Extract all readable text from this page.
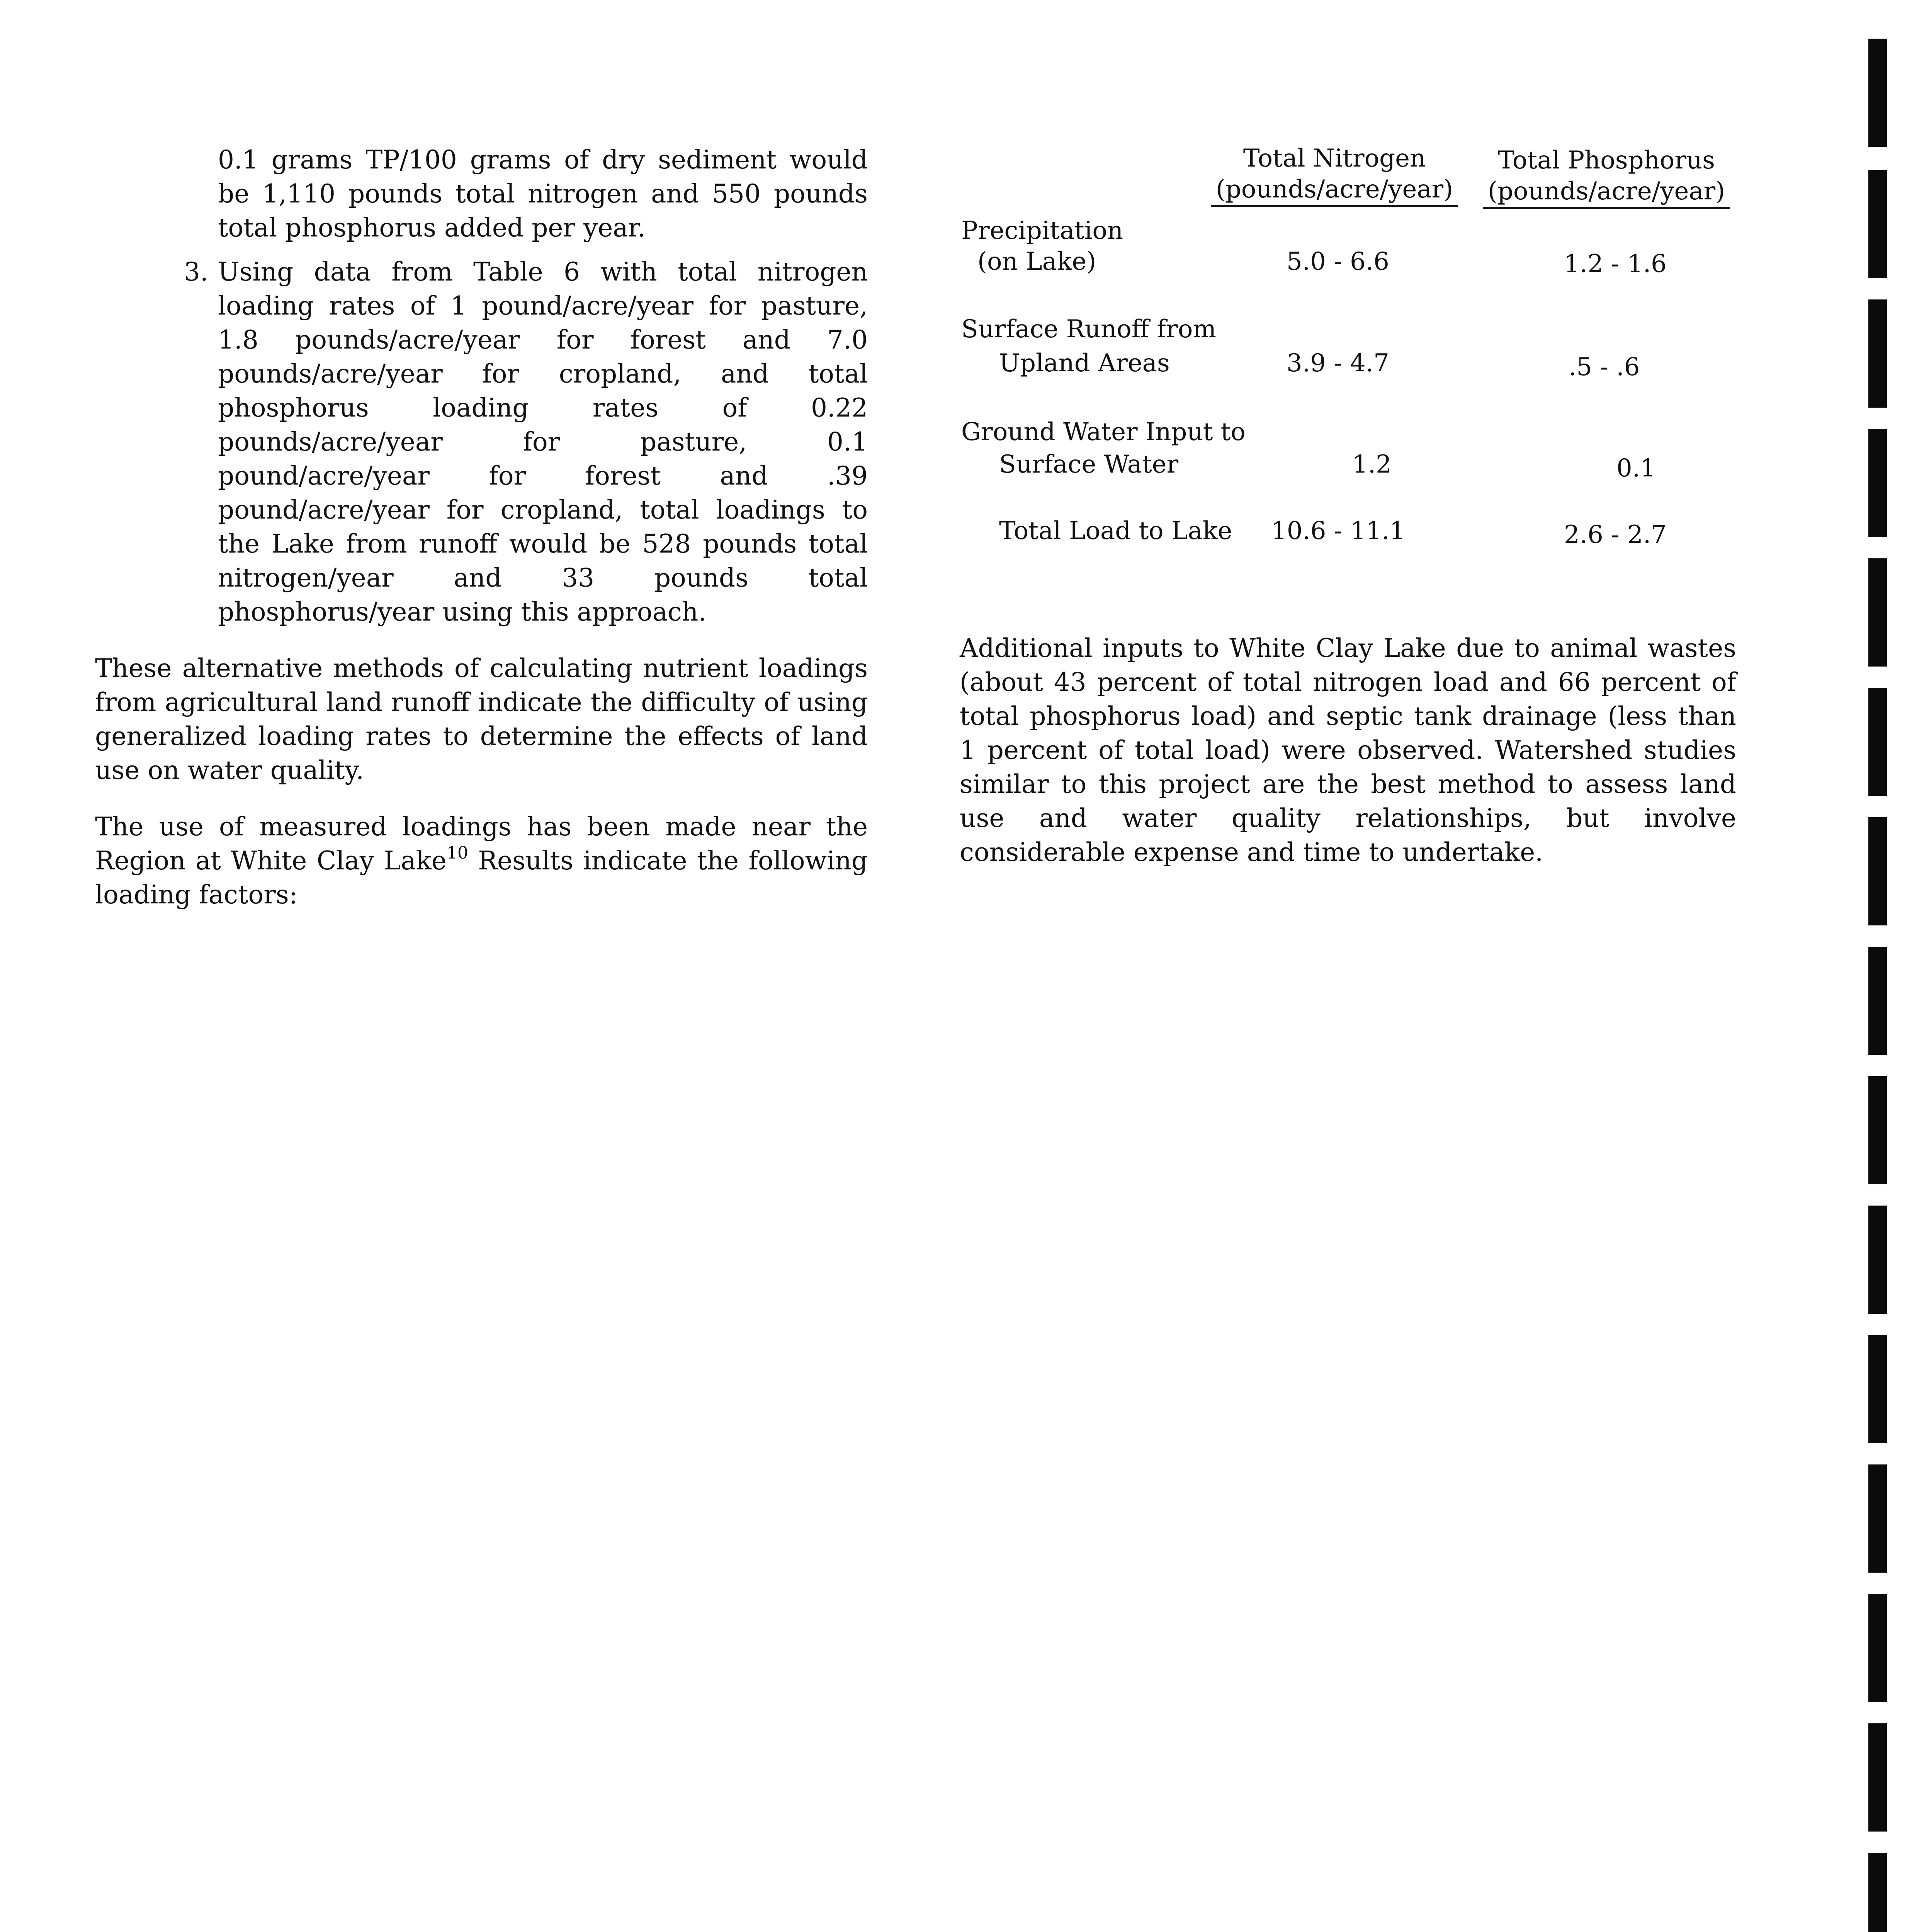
0.1 grams TP/100 grams of dry sediment would be 1,110 pounds total nitrogen and 550 pounds total phosphorus added per year.

3. Using data from Table 6 with total nitrogen loading rates of 1 pound/acre/year for pasture, 1.8 pounds/acre/year for forest and 7.0 pounds/acre/year for cropland, and total phosphorus loading rates of 0.22 pounds/acre/year for pasture, 0.1 pound/acre/year for forest and .39 pound/acre/year for cropland, total loadings to the Lake from runoff would be 528 pounds total nitrogen/year and 33 pounds total phosphorus/year using this approach.

These alternative methods of calculating nutrient loadings from agricultural land runoff indicate the difficulty of using generalized loading rates to determine the effects of land use on water quality.

The use of measured loadings has been made near the Region at White Clay Lake$^{10}$ Results indicate the following loading factors:

Total Nitrogen
(pounds/acre/year)
Total Phosphorus
(pounds/acre/year)
Precipitation
(on Lake)	5.0 - 6.6	1.2 - 1.6
Surface Runoff from
Upland Areas	3.9 - 4.7	.5 - .6
Ground Water Input to
Surface Water	1.2	0.1
Total Load to Lake 10.6 - 11.1	2.6 - 2.7

Additional inputs to White Clay Lake due to animal wastes (about 43 percent of total nitrogen load and 66 percent of total phosphorus load) and septic tank drainage (less than 1 percent of total load) were observed. Watershed studies similar to this project are the best method to assess land use and water quality relationships, but involve considerable expense and time to undertake.
